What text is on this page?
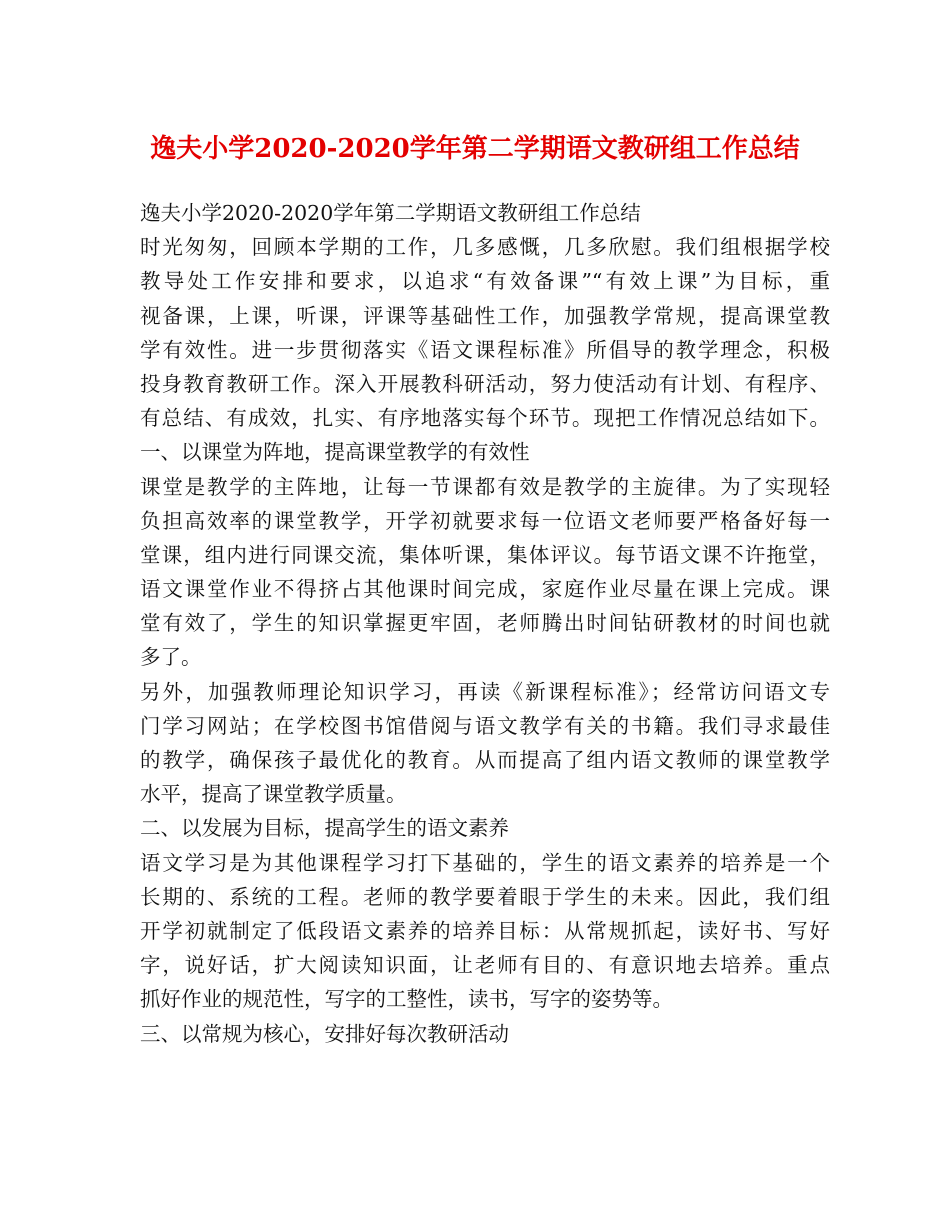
逸夫小学2020-2020学年第二学期语文教研组工作总结
逸夫小学2020-2020学年第二学期语文教研组工作总结
时光匆匆，回顾本学期的工作，几多感慨，几多欣慰。我们组根据学校
教导处工作安排和要求，以追求“有效备课”“有效上课”为目标，重
视备课，上课，听课，评课等基础性工作，加强教学常规，提高课堂教
学有效性。进一步贯彻落实《语文课程标准》所倡导的教学理念，积极
投身教育教研工作。深入开展教科研活动，努力使活动有计划、有程序、
有总结、有成效，扎实、有序地落实每个环节。现把工作情况总结如下。
一、以课堂为阵地，提高课堂教学的有效性
课堂是教学的主阵地，让每一节课都有效是教学的主旋律。为了实现轻
负担高效率的课堂教学，开学初就要求每一位语文老师要严格备好每一
堂课，组内进行同课交流，集体听课，集体评议。每节语文课不许拖堂，
语文课堂作业不得挤占其他课时间完成，家庭作业尽量在课上完成。课
堂有效了，学生的知识掌握更牢固，老师腾出时间钻研教材的时间也就
多了。
另外，加强教师理论知识学习，再读《新课程标准》；经常访问语文专
门学习网站；在学校图书馆借阅与语文教学有关的书籍。我们寻求最佳
的教学，确保孩子最优化的教育。从而提高了组内语文教师的课堂教学
水平，提高了课堂教学质量。
二、以发展为目标，提高学生的语文素养
语文学习是为其他课程学习打下基础的，学生的语文素养的培养是一个
长期的、系统的工程。老师的教学要着眼于学生的未来。因此，我们组
开学初就制定了低段语文素养的培养目标：从常规抓起，读好书、写好
字，说好话，扩大阅读知识面，让老师有目的、有意识地去培养。重点
抓好作业的规范性，写字的工整性，读书，写字的姿势等。
三、以常规为核心，安排好每次教研活动
